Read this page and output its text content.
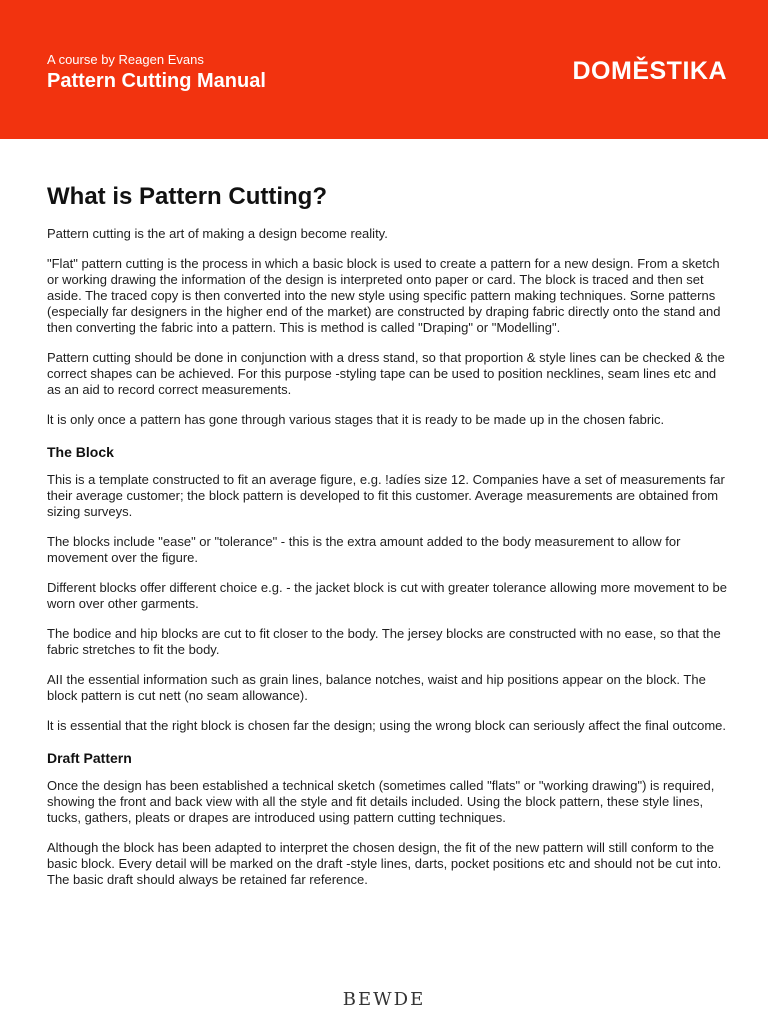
A course by Reagen Evans
Pattern Cutting Manual	DOMĚSTIKA
What is Pattern Cutting?

Pattern cutting is the art of making a design become reality.

"Flat" pattern cutting is the process in which a basic block is used to create a pattern for a new design. From a sketch or working drawing the information of the design is interpreted onto paper or card. The block is traced and then set aside. The traced copy is then converted into the new style using specific pattern making techniques. Sorne patterns (especially far designers in the higher end of the market) are constructed by draping fabric directly onto the stand and then converting the fabric into a pattern. This is method is called "Draping" or "Modelling".

Pattern cutting should be done in conjunction with a dress stand, so that proportion & style lines can be checked & the correct shapes can be achieved. For this purpose -styling tape can be used to position necklines, seam lines etc and as an aid to record correct measurements.

lt is only once a pattern has gone through various stages that it is ready to be made up in the chosen fabric.

The Block

This is a template constructed to fit an average figure, e.g. !adíes size 12. Companies have a set of measurements far their average customer; the block pattern is developed to fit this customer. Average measurements are obtained from sizing surveys.

The blocks include "ease" or "tolerance" - this is the extra amount added to the body measurement to allow for movement over the figure.

Different blocks offer different choice e.g. - the jacket block is cut with greater tolerance allowing more movement to be worn over other garments.

The bodice and hip blocks are cut to fit closer to the body. The jersey blocks are constructed with no ease, so that the fabric stretches to fit the body.

AII the essential information such as grain lines, balance notches, waist and hip positions appear on the block. The block pattern is cut nett (no seam allowance).

lt is essential that the right block is chosen far the design; using the wrong block can seriously affect the final outcome.

Draft Pattern

Once the design has been established a technical sketch (sometimes called "flats" or "working drawing") is required, showing the front and back view with all the style and fit details included. Using the block pattern, these style lines, tucks, gathers, pleats or drapes are introduced using pattern cutting techniques.

Although the block has been adapted to interpret the chosen design, the fit of the new pattern will still conform to the basic block. Every detail will be marked on the draft -style lines, darts, pocket positions etc and should not be cut into. The basic draft should always be retained far reference.

BEWDE
